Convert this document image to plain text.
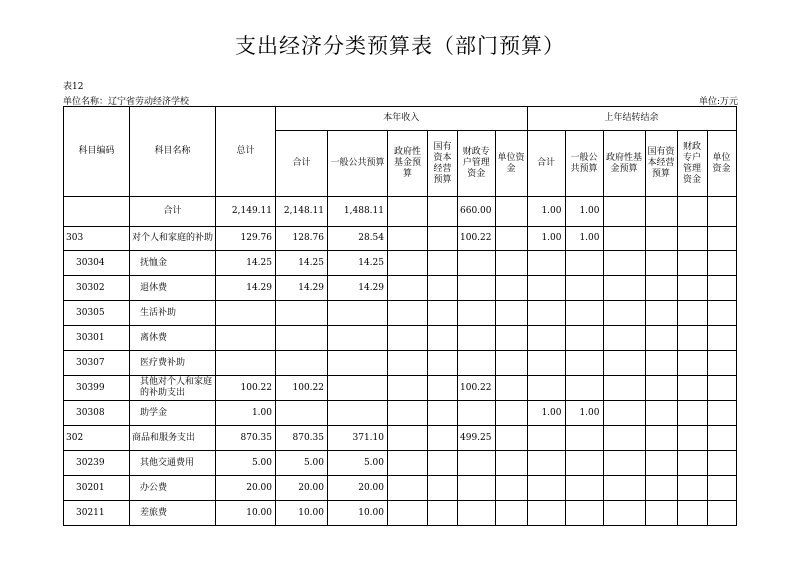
支出经济分类预算表（部门预算）
表12
单位名称：辽宁省劳动经济学校	单位:万元
科目编码	科目名称	总计	本年收入						上年结转结余					
			合计	一般公共预算	政府性基金预算	国有资本经营预算	财政专户管理资金	单位资金	合计	一般公共预算	政府性基金预算	国有资本经营预算	财政专户管理资金	单位资金
	合计	2,149.11	2,148.11	1,488.11			660.00		1.00	1.00				
303	对个人和家庭的补助	129.76	128.76	28.54			100.22		1.00	1.00				
30304	抚恤金	14.25	14.25	14.25										
30302	退休费	14.29	14.29	14.29										
30305	生活补助													
30301	离休费													
30307	医疗费补助													
30399	其他对个人和家庭的补助支出	100.22	100.22				100.22							
30308	助学金	1.00							1.00	1.00				
302	商品和服务支出	870.35	870.35	371.10			499.25							
30239	其他交通费用	5.00	5.00	5.00										
30201	办公费	20.00	20.00	20.00										
30211	差旅费	10.00	10.00	10.00										
